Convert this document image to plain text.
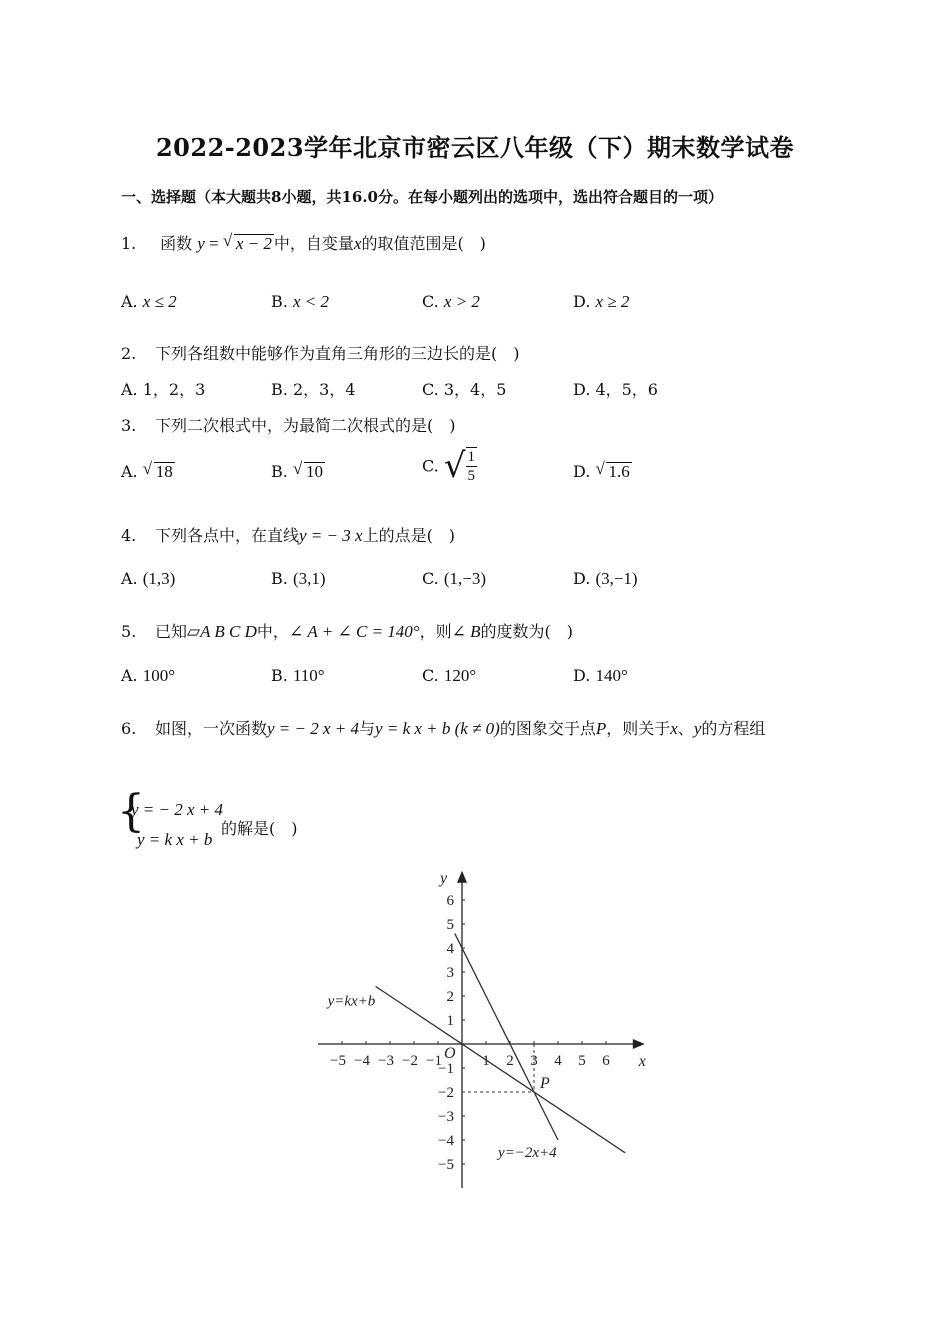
2022-2023学年北京市密云区八年级（下）期末数学试卷
一、选择题（本大题共8小题，共16.0分。在每小题列出的选项中，选出符合题目的一项）
1. 函数 y = √ x − 2 中，自变量x的取值范围是(　)
A. x ≤ 2	B. x < 2	C. x > 2	D. x ≥ 2
2. 下列各组数中能够作为直角三角形的三边长的是(　)
A. 1，2，3	B. 2，3，4	C. 3，4，5	D. 4，5，6
3. 下列二次根式中，为最简二次根式的是(　)
A. √ 18	B. √ 10	C. √ $\frac{1}{5}$	D. √ 1.6
4. 下列各点中，在直线y = − 3 x上的点是(　)
A. (1,3)	B. (3,1)	C. (1,−3)	D. (3,−1)
5. 已知▱A B C D中，∠ A + ∠ C = 140°，则∠ B的度数为(　)
A. 100°	B. 110°	C. 120°	D. 140°
6. 如图，一次函数y = − 2 x + 4与y = k x + b (k ≠ 0)的图象交于点P，则关于x、y的方程组
{
y = − 2 x + 4
y = k x + b
的解是(　)
−5 −4 −3 −2 −1	1 2 3 4 5 6
6
5
4
3
2
1
−1
−2
−3
−4
−5
x
y
O
P
y=−2x+4
y=kx+b
